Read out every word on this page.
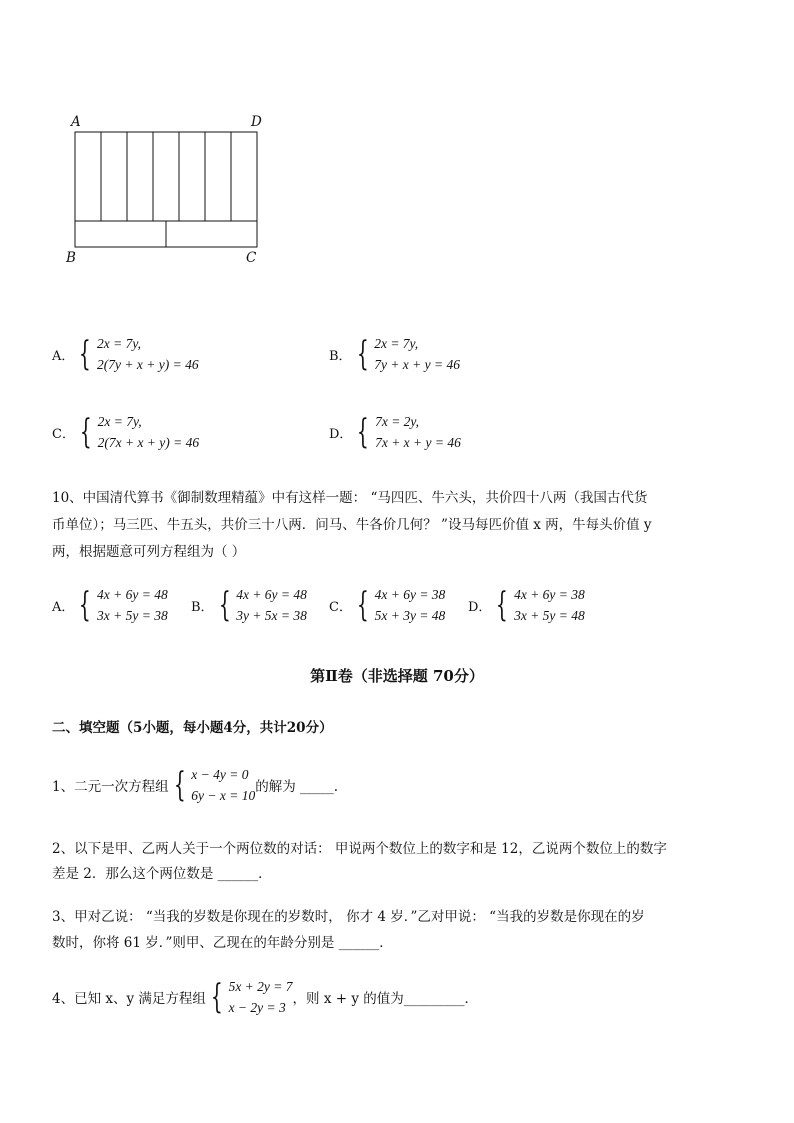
A	D
B	C
A． { 2x = 7y,
2(7y + x + y) = 46
B． { 2x = 7y,
7y + x + y = 46
C． { 2x = 7y,
2(7x + x + y) = 46
D． { 7x = 2y,
7x + x + y = 46
10、中国清代算书《御制数理精蕴》中有这样一题： “马四匹、牛六头，共价四十八两（我国古代货
币单位）；马三匹、牛五头，共价三十八两．问马、牛各价几何？ ”设马每匹价值 x 两，牛每头价值 y
两，根据题意可列方程组为（ ）
A． { 4x + 6y = 48
3x + 5y = 38
B． { 4x + 6y = 48
3y + 5x = 38
C． { 4x + 6y = 38
5x + 3y = 48
D． { 4x + 6y = 38
3x + 5y = 48
第Ⅱ卷（非选择题 70分）
二、填空题（5小题，每小题4分，共计20分）
1、二元一次方程组 { x − 4y = 0
6y − x = 10
的解为 _____.
2、以下是甲、乙两人关于一个两位数的对话： 甲说两个数位上的数字和是 12，乙说两个数位上的数字
差是 2．那么这个两位数是 ______．
3、甲对乙说： “当我的岁数是你现在的岁数时， 你才 4 岁．”乙对甲说： “当我的岁数是你现在的岁
数时，你将 61 岁．”则甲、乙现在的年龄分别是 ______．
4、已知 x、y 满足方程组 { 5x + 2y = 7
x − 2y = 3
，则 x + y 的值为_________．
